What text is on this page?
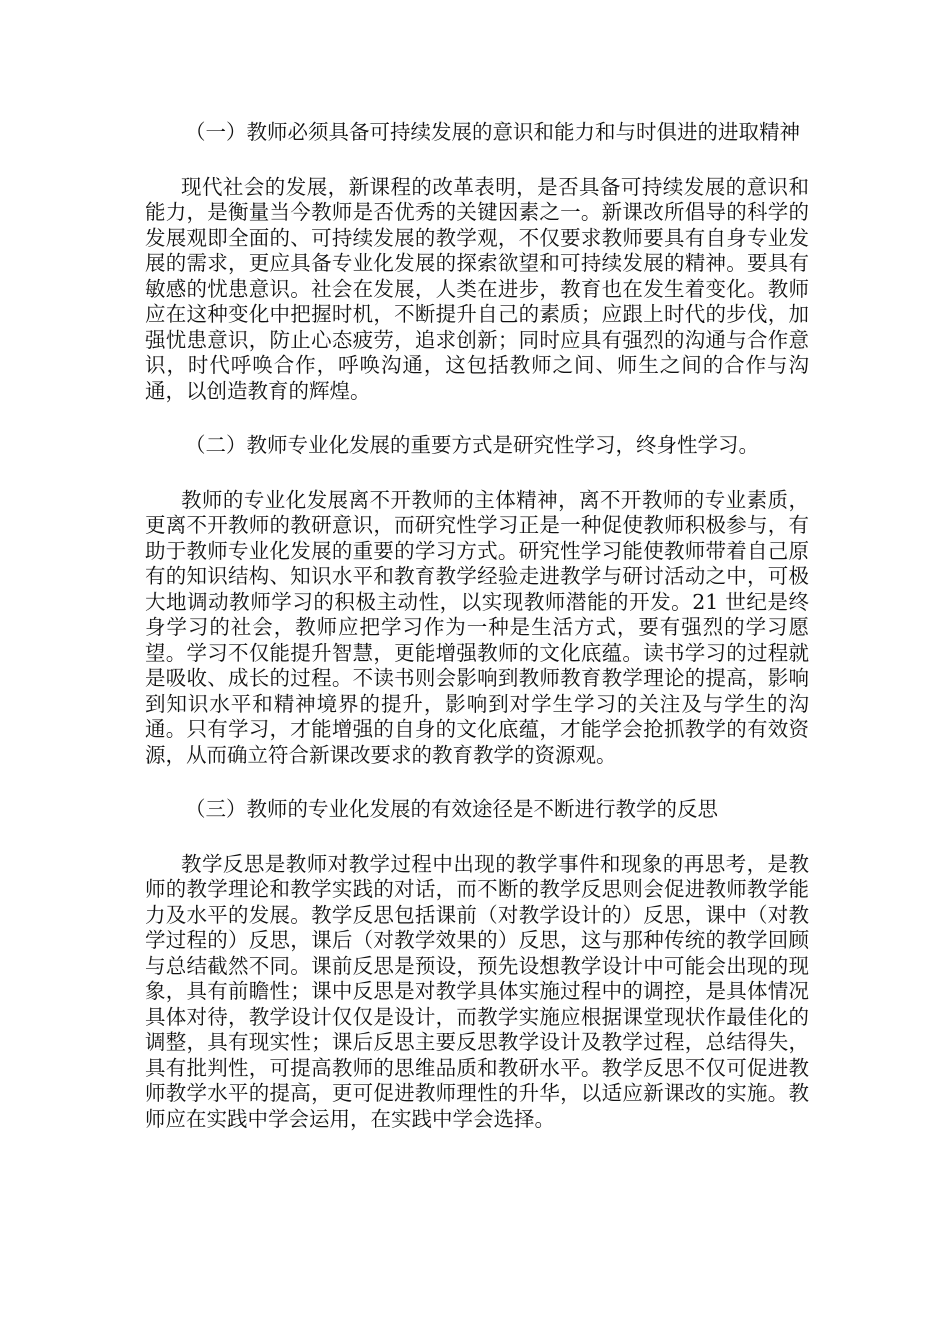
（一）教师必须具备可持续发展的意识和能力和与时俱进的进取精神

现代社会的发展，新课程的改革表明，是否具备可持续发展的意识和能力，是衡量当今教师是否优秀的关键因素之一。新课改所倡导的科学的发展观即全面的、可持续发展的教学观，不仅要求教师要具有自身专业发展的需求，更应具备专业化发展的探索欲望和可持续发展的精神。要具有敏感的忧患意识。社会在发展，人类在进步，教育也在发生着变化。教师应在这种变化中把握时机，不断提升自己的素质；应跟上时代的步伐，加强忧患意识，防止心态疲劳，追求创新；同时应具有强烈的沟通与合作意识，时代呼唤合作，呼唤沟通，这包括教师之间、师生之间的合作与沟通，以创造教育的辉煌。

（二）教师专业化发展的重要方式是研究性学习，终身性学习。

教师的专业化发展离不开教师的主体精神，离不开教师的专业素质，更离不开教师的教研意识，而研究性学习正是一种促使教师积极参与，有助于教师专业化发展的重要的学习方式。研究性学习能使教师带着自己原有的知识结构、知识水平和教育教学经验走进教学与研讨活动之中，可极大地调动教师学习的积极主动性，以实现教师潜能的开发。21 世纪是终身学习的社会，教师应把学习作为一种是生活方式，要有强烈的学习愿望。学习不仅能提升智慧，更能增强教师的文化底蕴。读书学习的过程就是吸收、成长的过程。不读书则会影响到教师教育教学理论的提高，影响到知识水平和精神境界的提升，影响到对学生学习的关注及与学生的沟通。只有学习，才能增强的自身的文化底蕴，才能学会抢抓教学的有效资源，从而确立符合新课改要求的教育教学的资源观。

（三）教师的专业化发展的有效途径是不断进行教学的反思

教学反思是教师对教学过程中出现的教学事件和现象的再思考，是教师的教学理论和教学实践的对话，而不断的教学反思则会促进教师教学能力及水平的发展。教学反思包括课前（对教学设计的）反思，课中（对教学过程的）反思，课后（对教学效果的）反思，这与那种传统的教学回顾与总结截然不同。课前反思是预设，预先设想教学设计中可能会出现的现象，具有前瞻性；课中反思是对教学具体实施过程中的调控，是具体情况具体对待，教学设计仅仅是设计，而教学实施应根据课堂现状作最佳化的调整，具有现实性；课后反思主要反思教学设计及教学过程，总结得失，具有批判性，可提高教师的思维品质和教研水平。教学反思不仅可促进教师教学水平的提高，更可促进教师理性的升华，以适应新课改的实施。教师应在实践中学会运用，在实践中学会选择。
